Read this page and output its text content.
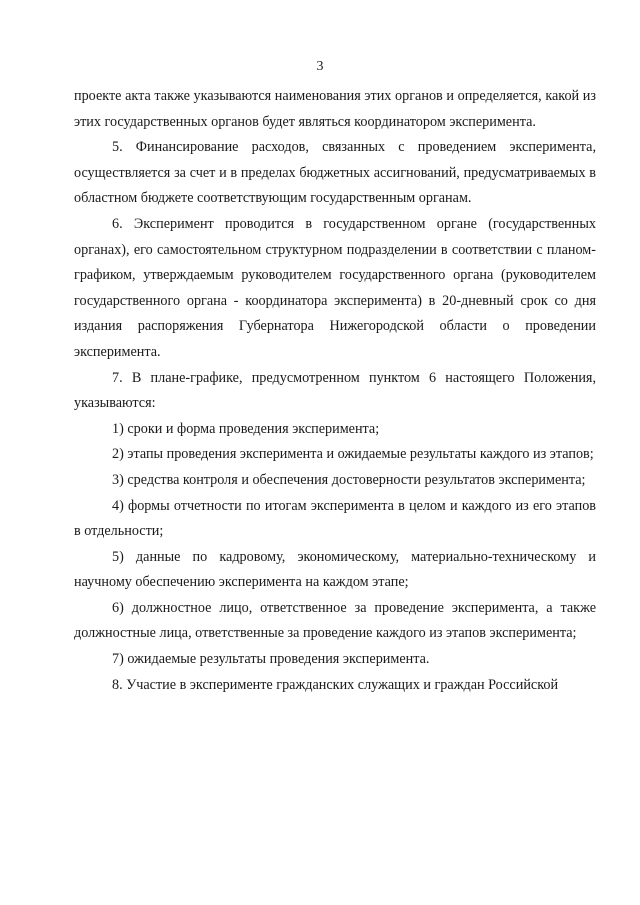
3

проекте акта также указываются наименования этих органов и определяется, какой из этих государственных органов будет являться координатором эксперимента.

5. Финансирование расходов, связанных с проведением эксперимента, осуществляется за счет и в пределах бюджетных ассигнований, предусматриваемых в областном бюджете соответствующим государственным органам.

6. Эксперимент проводится в государственном органе (государственных органах), его самостоятельном структурном подразделении в соответствии с планом-графиком, утверждаемым руководителем государственного органа (руководителем государственного органа - координатора эксперимента) в 20-дневный срок со дня издания распоряжения Губернатора Нижегородской области о проведении эксперимента.

7. В плане-графике, предусмотренном пунктом 6 настоящего Положения, указываются:

1) сроки и форма проведения эксперимента;

2) этапы проведения эксперимента и ожидаемые результаты каждого из этапов;

3) средства контроля и обеспечения достоверности результатов эксперимента;

4) формы отчетности по итогам эксперимента в целом и каждого из его этапов в отдельности;

5) данные по кадровому, экономическому, материально-техническому и научному обеспечению эксперимента на каждом этапе;

6) должностное лицо, ответственное за проведение эксперимента, а также должностные лица, ответственные за проведение каждого из этапов эксперимента;

7) ожидаемые результаты проведения эксперимента.

8. Участие в эксперименте гражданских служащих и граждан Российской
